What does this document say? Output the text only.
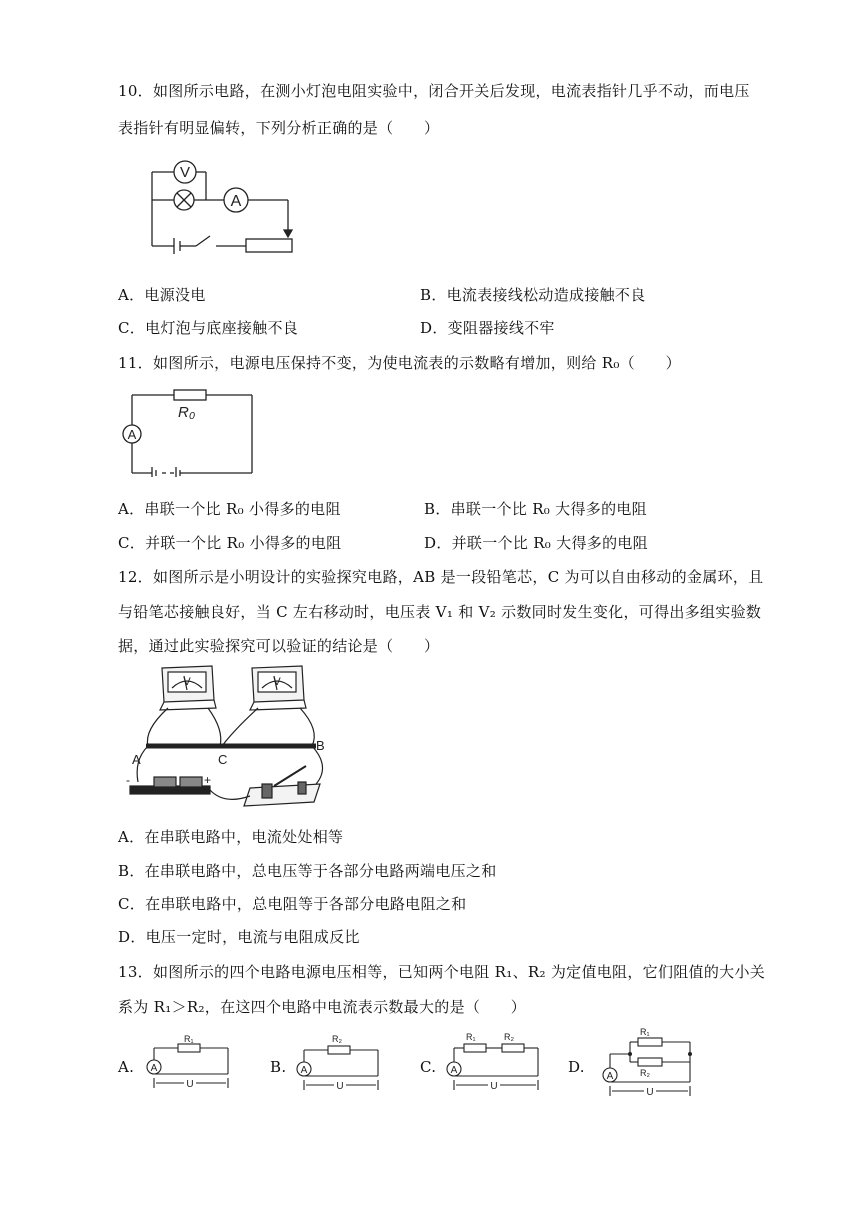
10．如图所示电路，在测小灯泡电阻实验中，闭合开关后发现，电流表指针几乎不动，而电压
表指针有明显偏转，下列分析正确的是（　　）
V
A
A．电源没电	B．电流表接线松动造成接触不良
C．电灯泡与底座接触不良	D．变阻器接线不牢
11．如图所示，电源电压保持不变，为使电流表的示数略有增加，则给 R₀（　　）
A
R₀
A．串联一个比 R₀ 小得多的电阻	B．串联一个比 R₀ 大得多的电阻
C．并联一个比 R₀ 小得多的电阻	D．并联一个比 R₀ 大得多的电阻
12．如图所示是小明设计的实验探究电路，AB 是一段铅笔芯，C 为可以自由移动的金属环，且
与铅笔芯接触良好，当 C 左右移动时，电压表 V₁ 和 V₂ 示数同时发生变化，可得出多组实验数
据，通过此实验探究可以验证的结论是（　　）
V	V
A	C
B
-	+
A．在串联电路中，电流处处相等
B．在串联电路中，总电压等于各部分电路两端电压之和
C．在串联电路中，总电阻等于各部分电路电阻之和
D．电压一定时，电流与电阻成反比
13．如图所示的四个电路电源电压相等，已知两个电阻 R₁、R₂ 为定值电阻，它们阻值的大小关
系为 R₁＞R₂，在这四个电路中电流表示数最大的是（　　）
A. A
R₁
U
B. A
R₂
U
C. A
R₁	R₂
U
D.
A
R₁
R₂
U
